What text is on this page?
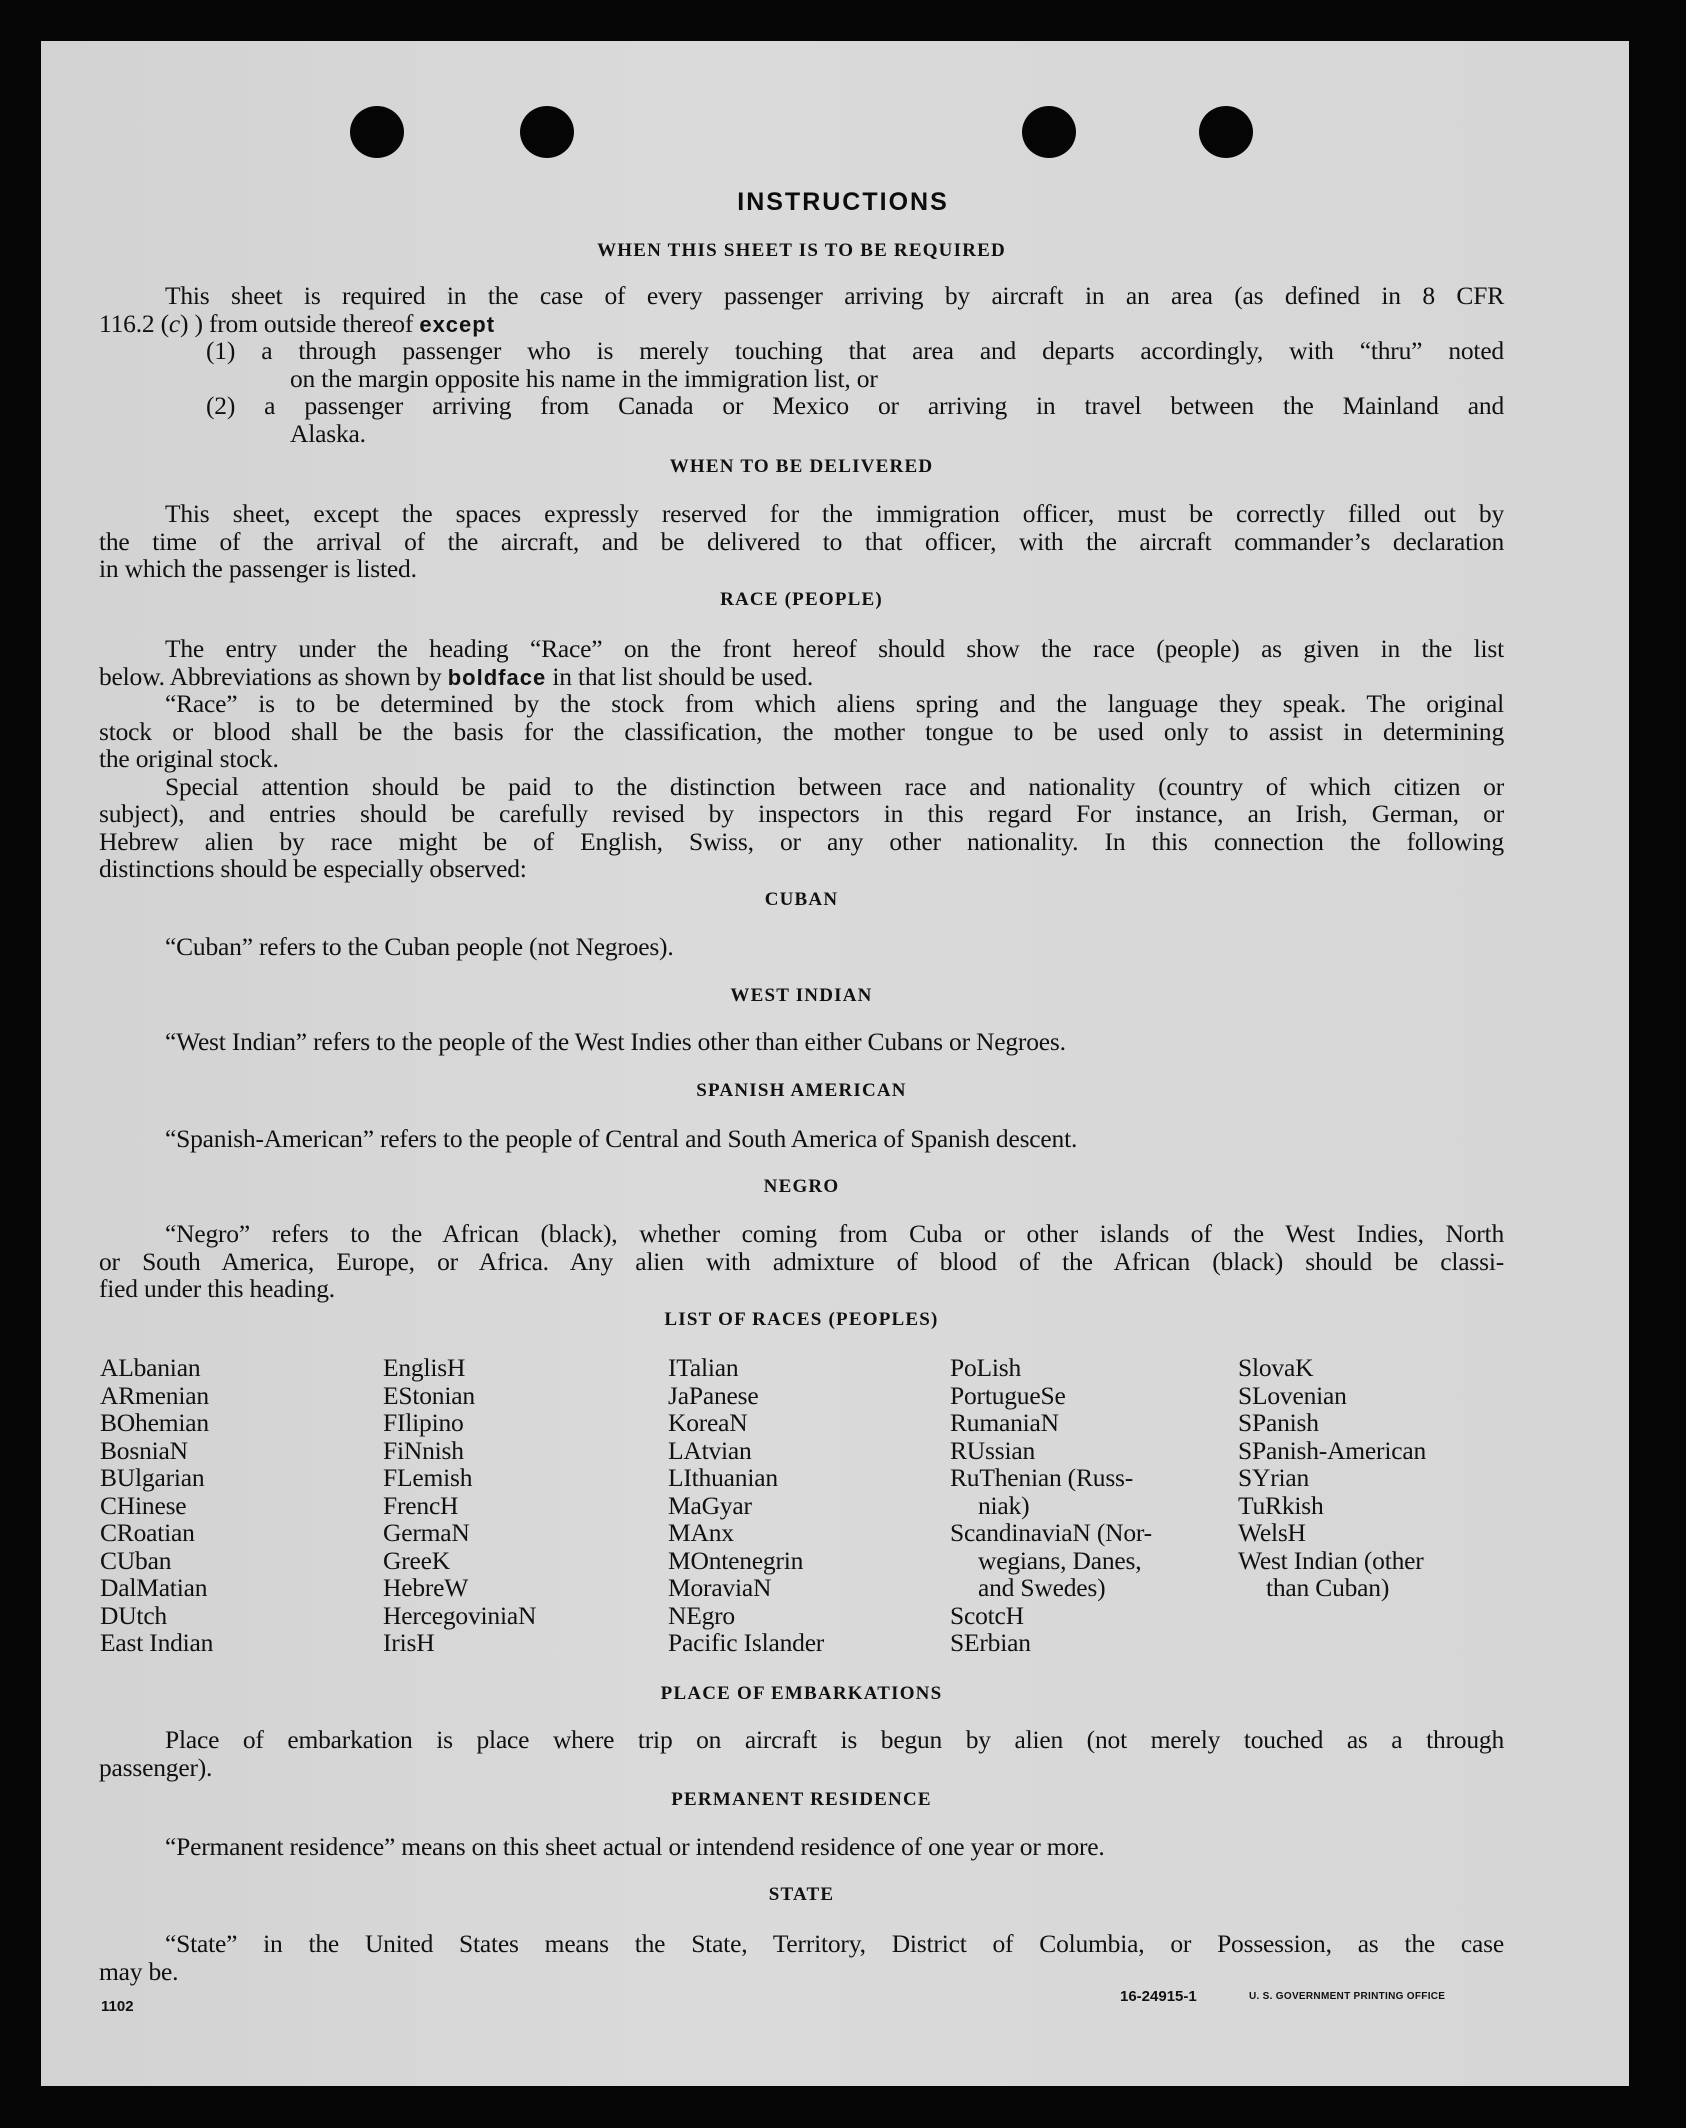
INSTRUCTIONS
WHEN THIS SHEET IS TO BE REQUIRED
This sheet is required in the case of every passenger arriving by aircraft in an area (as defined in 8 CFR
116.2 (c) ) from outside thereof except
(1) a through passenger who is merely touching that area and departs accordingly, with “thru” noted
on the margin opposite his name in the immigration list, or
(2) a passenger arriving from Canada or Mexico or arriving in travel between the Mainland and
Alaska.
WHEN TO BE DELIVERED
This sheet, except the spaces expressly reserved for the immigration officer, must be correctly filled out by
the time of the arrival of the aircraft, and be delivered to that officer, with the aircraft commander’s declaration
in which the passenger is listed.
RACE (PEOPLE)
The entry under the heading “Race” on the front hereof should show the race (people) as given in the list
below. Abbreviations as shown by boldface in that list should be used.
“Race” is to be determined by the stock from which aliens spring and the language they speak. The original
stock or blood shall be the basis for the classification, the mother tongue to be used only to assist in determining
the original stock.
Special attention should be paid to the distinction between race and nationality (country of which citizen or
subject), and entries should be carefully revised by inspectors in this regard For instance, an Irish, German, or
Hebrew alien by race might be of English, Swiss, or any other nationality. In this connection the following
distinctions should be especially observed:
CUBAN
“Cuban” refers to the Cuban people (not Negroes).
WEST INDIAN
“West Indian” refers to the people of the West Indies other than either Cubans or Negroes.
SPANISH AMERICAN
“Spanish-American” refers to the people of Central and South America of Spanish descent.
NEGRO
“Negro” refers to the African (black), whether coming from Cuba or other islands of the West Indies, North
or South America, Europe, or Africa. Any alien with admixture of blood of the African (black) should be classi-
fied under this heading.
LIST OF RACES (PEOPLES)
ALbanian
ARmenian
BOhemian
BosniaN
BUlgarian
CHinese
CRoatian
CUban
DalMatian
DUtch
East Indian
EnglisH
EStonian
FIlipino
FiNnish
FLemish
FrencH
GermaN
GreeK
HebreW
HercegoviniaN
IrisH
ITalian
JaPanese
KoreaN
LAtvian
LIthuanian
MaGyar
MAnx
MOntenegrin
MoraviaN
NEgro
Pacific Islander
PoLish
PortugueSe
RumaniaN
RUssian
RuThenian (Russ-
niak)
ScandinaviaN (Nor-
wegians, Danes,
and Swedes)
ScotcH
SErbian
SlovaK
SLovenian
SPanish
SPanish-American
SYrian
TuRkish
WelsH
West Indian (other
than Cuban)
PLACE OF EMBARKATIONS
Place of embarkation is place where trip on aircraft is begun by alien (not merely touched as a through
passenger).
PERMANENT RESIDENCE
“Permanent residence” means on this sheet actual or intendend residence of one year or more.
STATE
“State” in the United States means the State, Territory, District of Columbia, or Possession, as the case
may be.
1102
16-24915-1	U. S. GOVERNMENT PRINTING OFFICE
